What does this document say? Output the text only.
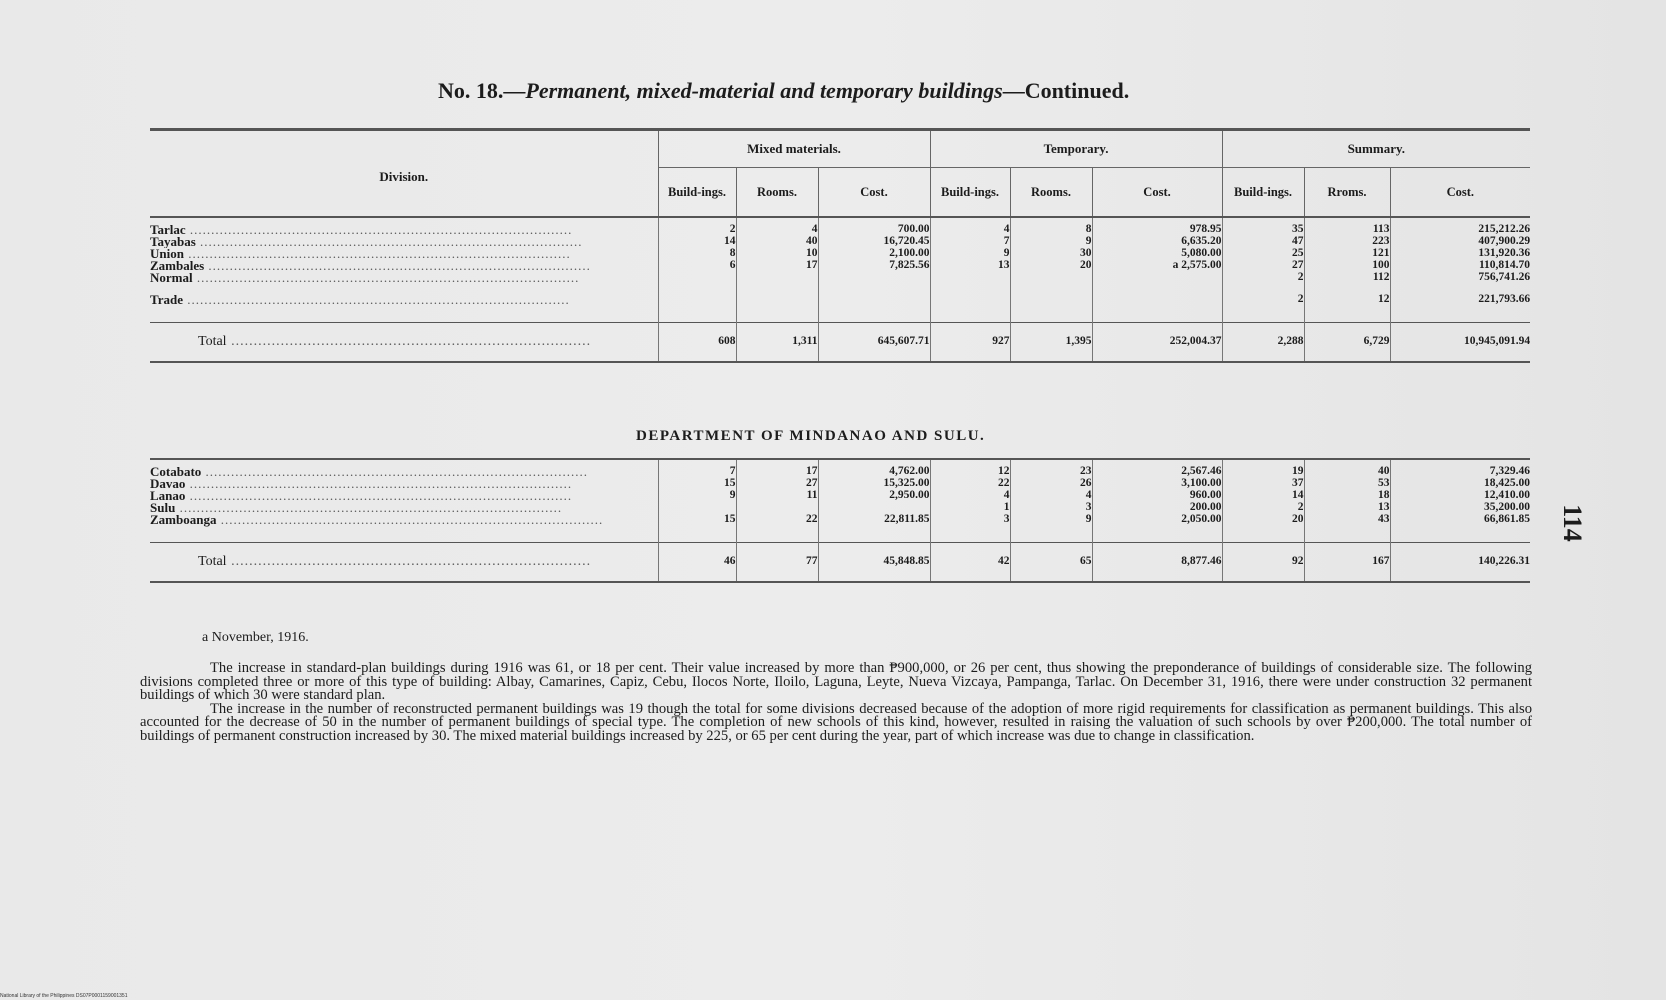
No. 18.—Permanent, mixed-material and temporary buildings—Continued.
Division.	Mixed materials.			Temporary.			Summary.		
	Build-ings.	Rooms.	Cost.	Build-ings.	Rooms.	Cost.	Build-ings.	Rroms.	Cost.

Tarlac ..........................................................................................	2	4	700.00	4	8	978.95	35	113	215,212.26
Tayabas ..........................................................................................	14	40	16,720.45	7	9	6,635.20	47	223	407,900.29
Union ..........................................................................................	8	10	2,100.00	9	30	5,080.00	25	121	131,920.36
Zambales ..........................................................................................	6	17	7,825.56	13	20	a 2,575.00	27	100	110,814.70
Normal ..........................................................................................							2	112	756,741.26
Trade ..........................................................................................							2	12	221,793.66
Total ................................................................................	608	1,311	645,607.71	927	1,395	252,004.37	2,288	6,729	10,945,091.94
DEPARTMENT OF MINDANAO AND SULU.

Cotabato ..........................................................................................	7	17	4,762.00	12	23	2,567.46	19	40	7,329.46
Davao ..........................................................................................	15	27	15,325.00	22	26	3,100.00	37	53	18,425.00
Lanao ..........................................................................................	9	11	2,950.00	4	4	960.00	14	18	12,410.00
Sulu ..........................................................................................				1	3	200.00	2	13	35,200.00
Zamboanga ..........................................................................................	15	22	22,811.85	3	9	2,050.00	20	43	66,861.85
Total ................................................................................	46	77	45,848.85	42	65	8,877.46	92	167	140,226.31
a November, 1916.

The increase in standard-plan buildings during 1916 was 61, or 18 per cent. Their value increased by more than ₱900,000, or 26 per cent, thus showing the preponderance of buildings of considerable size. The following divisions completed three or more of this type of building: Albay, Camarines, Capiz, Cebu, Ilocos Norte, Iloilo, Laguna, Leyte, Nueva Vizcaya, Pampanga, Tarlac. On December 31, 1916, there were under construction 32 permanent buildings of which 30 were standard plan.

The increase in the number of reconstructed permanent buildings was 19 though the total for some divisions decreased because of the adoption of more rigid requirements for classification as permanent buildings. This also accounted for the decrease of 50 in the number of permanent buildings of special type. The completion of new schools of this kind, however, resulted in raising the valuation of such schools by over ₱200,000. The total number of buildings of permanent construction increased by 30. The mixed material buildings increased by 225, or 65 per cent during the year, part of which increase was due to change in classification.

114
National Library of the Philippines DS07P0001159001351
